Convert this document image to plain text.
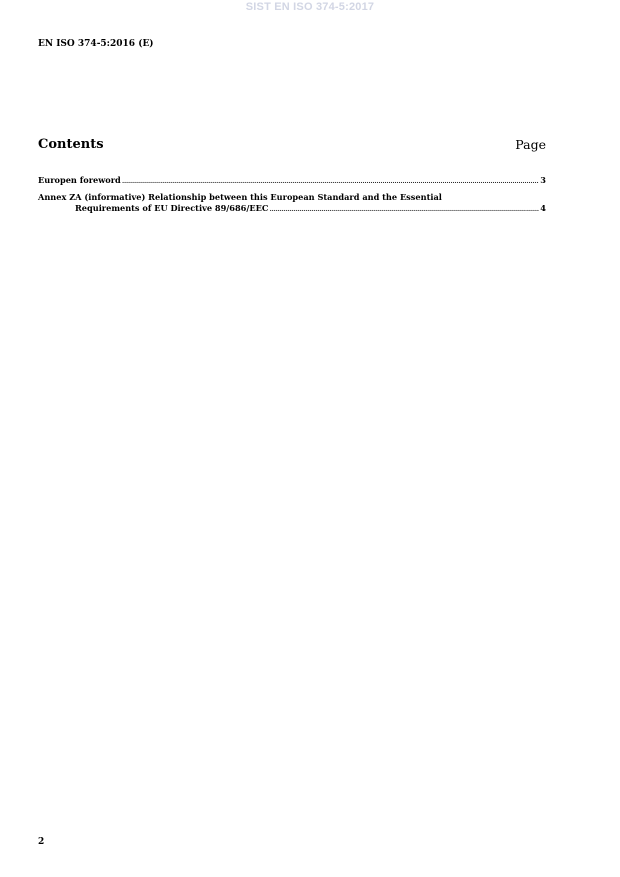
SIST EN ISO 374-5:2017
EN ISO 374-5:2016 (E)
Contents	Page
Europen foreword .....	3
Annex ZA (informative) Relationship between this European Standard and the Essential
Requirements of EU Directive 89/686/EEC .....	4
2
